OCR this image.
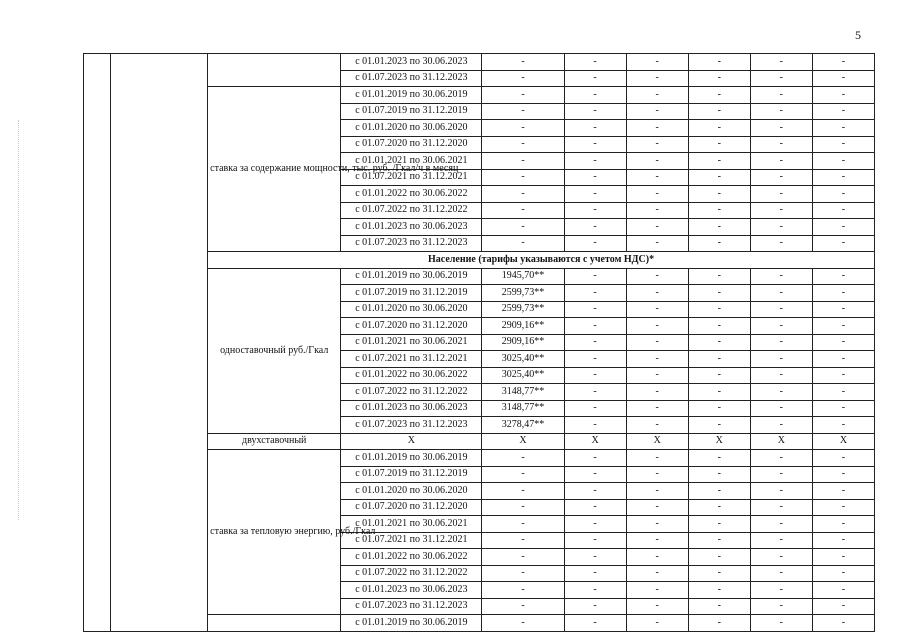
5
			с 01.01.2023 по 30.06.2023	-	-	-	-	-	-
			с 01.07.2023 по 31.12.2023	-	-	-	-	-	-
		ставка за содержание мощности, тыс. руб. /Гкал/ч в месяц	с 01.01.2019 по 30.06.2019	-	-	-	-	-	-
			с 01.07.2019 по 31.12.2019	-	-	-	-	-	-
			с 01.01.2020 по 30.06.2020	-	-	-	-	-	-
			с 01.07.2020 по 31.12.2020	-	-	-	-	-	-
			с 01.01.2021 по 30.06.2021	-	-	-	-	-	-
			с 01.07.2021 по 31.12.2021	-	-	-	-	-	-
			с 01.01.2022 по 30.06.2022	-	-	-	-	-	-
			с 01.07.2022 по 31.12.2022	-	-	-	-	-	-
			с 01.01.2023 по 30.06.2023	-	-	-	-	-	-
			с 01.07.2023 по 31.12.2023	-	-	-	-	-	-
		Население (тарифы указываются с учетом НДС)*							
		одноставочный руб./Гкал	с 01.01.2019 по 30.06.2019	1945,70**	-	-	-	-	-
			с 01.07.2019 по 31.12.2019	2599,73**	-	-	-	-	-
			с 01.01.2020 по 30.06.2020	2599,73**	-	-	-	-	-
			с 01.07.2020 по 31.12.2020	2909,16**	-	-	-	-	-
			с 01.01.2021 по 30.06.2021	2909,16**	-	-	-	-	-
			с 01.07.2021 по 31.12.2021	3025,40**	-	-	-	-	-
			с 01.01.2022 по 30.06.2022	3025,40**	-	-	-	-	-
			с 01.07.2022 по 31.12.2022	3148,77**	-	-	-	-	-
			с 01.01.2023 по 30.06.2023	3148,77**	-	-	-	-	-
			с 01.07.2023 по 31.12.2023	3278,47**	-	-	-	-	-
		двухставочный	X	X	X	X	X	X	X
		ставка за тепловую энергию, руб./Гкал	с 01.01.2019 по 30.06.2019	-	-	-	-	-	-
			с 01.07.2019 по 31.12.2019	-	-	-	-	-	-
			с 01.01.2020 по 30.06.2020	-	-	-	-	-	-
			с 01.07.2020 по 31.12.2020	-	-	-	-	-	-
			с 01.01.2021 по 30.06.2021	-	-	-	-	-	-
			с 01.07.2021 по 31.12.2021	-	-	-	-	-	-
			с 01.01.2022 по 30.06.2022	-	-	-	-	-	-
			с 01.07.2022 по 31.12.2022	-	-	-	-	-	-
			с 01.01.2023 по 30.06.2023	-	-	-	-	-	-
			с 01.07.2023 по 31.12.2023	-	-	-	-	-	-
			с 01.01.2019 по 30.06.2019	-	-	-	-	-	-
